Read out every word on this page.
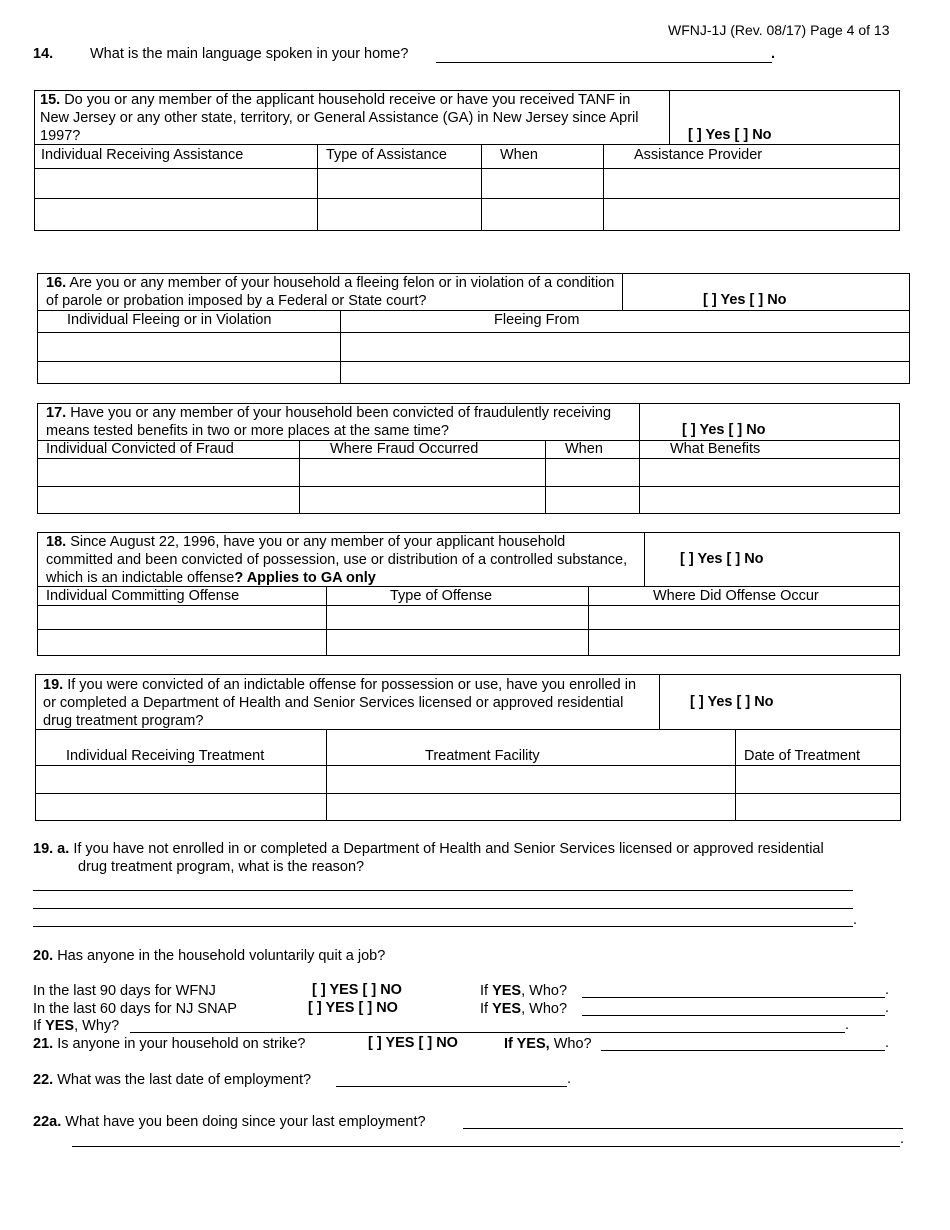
WFNJ-1J (Rev. 08/17) Page 4 of 13
14.	What is the main language spoken in your home?	.
15. Do you or any member of the applicant household receive or have you received TANF in New Jersey or any other state, territory, or General Assistance (GA) in New Jersey since April 1997?	[ ] Yes [ ] No
Individual Receiving Assistance	Type of Assistance	When	Assistance Provider
16. Are you or any member of your household a fleeing felon or in violation of a condition of parole or probation imposed by a Federal or State court?	[ ] Yes [ ] No
Individual Fleeing or in Violation	Fleeing From
17. Have you or any member of your household been convicted of fraudulently receiving means tested benefits in two or more places at the same time?	[ ] Yes [ ] No
Individual Convicted of Fraud	Where Fraud Occurred	When	What Benefits
18. Since August 22, 1996, have you or any member of your applicant household committed and been convicted of possession, use or distribution of a controlled substance, which is an indictable offense? Applies to GA only
[ ] Yes [ ] No
Individual Committing Offense	Type of Offense	Where Did Offense Occur
19. If you were convicted of an indictable offense for possession or use, have you enrolled in or completed a Department of Health and Senior Services licensed or approved residential drug treatment program?
[ ] Yes [ ] No
Individual Receiving Treatment	Treatment Facility	Date of Treatment
19. a. If you have not enrolled in or completed a Department of Health and Senior Services licensed or approved residential
drug treatment program, what is the reason?
.
20. Has anyone in the household voluntarily quit a job?
In the last 90 days for WFNJ	[ ] YES [ ] NO	If YES, Who?	.
In the last 60 days for NJ SNAP	[ ] YES [ ] NO	If YES, Who?	.
If YES, Why?	.
21. Is anyone in your household on strike?	[ ] YES [ ] NO	If YES, Who?	.
22. What was the last date of employment?	.
22a. What have you been doing since your last employment?
.
